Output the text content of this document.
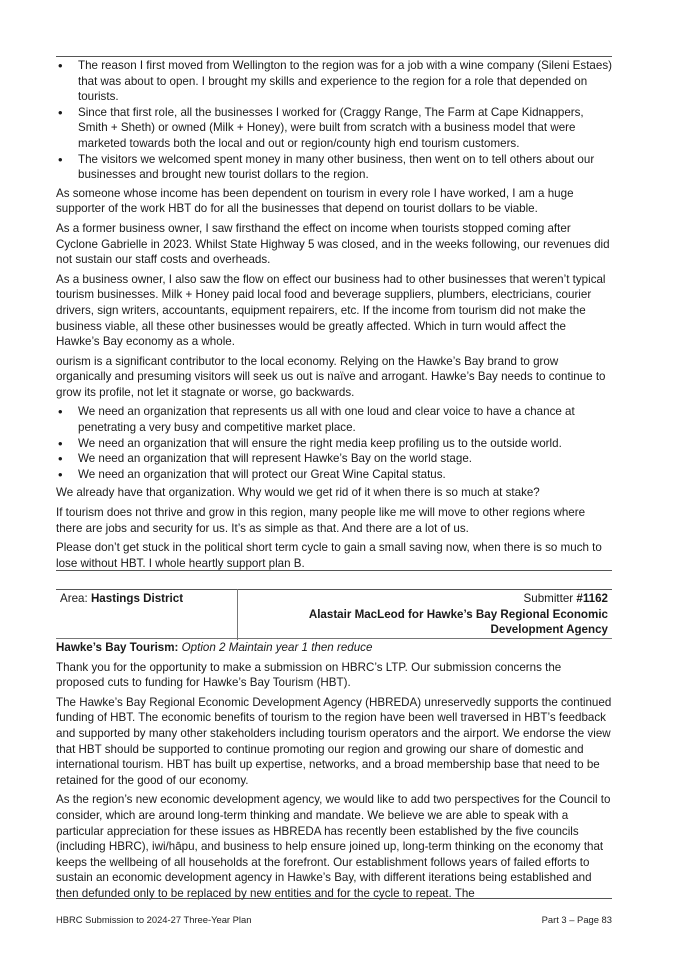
• The reason I first moved from Wellington to the region was for a job with a wine company (Sileni Estaes) that was about to open. I brought my skills and experience to the region for a role that depended on tourists.
• Since that first role, all the businesses I worked for (Craggy Range, The Farm at Cape Kidnappers, Smith + Sheth) or owned (Milk + Honey), were built from scratch with a business model that were marketed towards both the local and out or region/county high end tourism customers.
• The visitors we welcomed spent money in many other business, then went on to tell others about our businesses and brought new tourist dollars to the region.

As someone whose income has been dependent on tourism in every role I have worked, I am a huge supporter of the work HBT do for all the businesses that depend on tourist dollars to be viable.

As a former business owner, I saw firsthand the effect on income when tourists stopped coming after Cyclone Gabrielle in 2023. Whilst State Highway 5 was closed, and in the weeks following, our revenues did not sustain our staff costs and overheads.

As a business owner, I also saw the flow on effect our business had to other businesses that weren’t typical tourism businesses. Milk + Honey paid local food and beverage suppliers, plumbers, electricians, courier drivers, sign writers, accountants, equipment repairers, etc. If the income from tourism did not make the business viable, all these other businesses would be greatly affected. Which in turn would affect the Hawke’s Bay economy as a whole.

ourism is a significant contributor to the local economy. Relying on the Hawke’s Bay brand to grow organically and presuming visitors will seek us out is naïve and arrogant. Hawke’s Bay needs to continue to grow its profile, not let it stagnate or worse, go backwards.

• We need an organization that represents us all with one loud and clear voice to have a chance at penetrating a very busy and competitive market place.
• We need an organization that will ensure the right media keep profiling us to the outside world.
• We need an organization that will represent Hawke’s Bay on the world stage.
• We need an organization that will protect our Great Wine Capital status.

We already have that organization. Why would we get rid of it when there is so much at stake?

If tourism does not thrive and grow in this region, many people like me will move to other regions where there are jobs and security for us. It’s as simple as that. And there are a lot of us.

Please don’t get stuck in the political short term cycle to gain a small saving now, when there is so much to lose without HBT. I whole heartly support plan B.

Area: Hastings District	Submitter #1162
Alastair MacLeod for Hawke’s Bay Regional Economic Development Agency

Hawke’s Bay Tourism: Option 2 Maintain year 1 then reduce

Thank you for the opportunity to make a submission on HBRC’s LTP. Our submission concerns the proposed cuts to funding for Hawke’s Bay Tourism (HBT).

The Hawke’s Bay Regional Economic Development Agency (HBREDA) unreservedly supports the continued funding of HBT. The economic benefits of tourism to the region have been well traversed in HBT’s feedback and supported by many other stakeholders including tourism operators and the airport. We endorse the view that HBT should be supported to continue promoting our region and growing our share of domestic and international tourism. HBT has built up expertise, networks, and a broad membership base that need to be retained for the good of our economy.

As the region’s new economic development agency, we would like to add two perspectives for the Council to consider, which are around long-term thinking and mandate. We believe we are able to speak with a particular appreciation for these issues as HBREDA has recently been established by the five councils (including HBRC), iwi/hāpu, and business to help ensure joined up, long-term thinking on the economy that keeps the wellbeing of all households at the forefront. Our establishment follows years of failed efforts to sustain an economic development agency in Hawke’s Bay, with different iterations being established and then defunded only to be replaced by new entities and for the cycle to repeat. The

HBRC Submission to 2024-27 Three-Year Plan	Part 3 – Page 83
